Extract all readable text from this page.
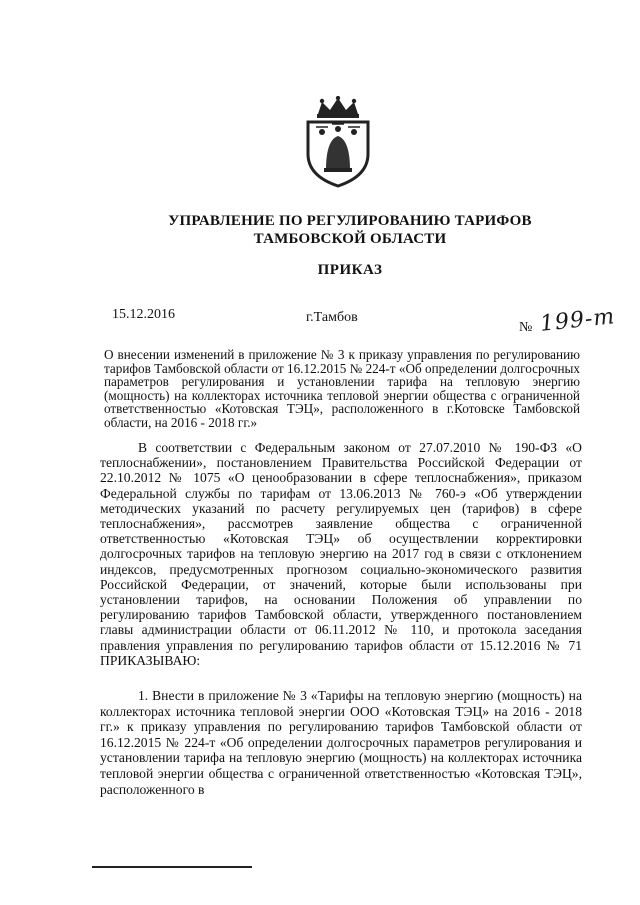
УПРАВЛЕНИЕ ПО РЕГУЛИРОВАНИЮ ТАРИФОВ
ТАМБОВСКОЙ ОБЛАСТИ
ПРИКАЗ
15.12.2016	г.Тамбов
№ 199-т
О внесении изменений в приложение № 3 к приказу управления по регулированию тарифов Тамбовской области от 16.12.2015 № 224-т «Об определении долгосрочных параметров регулирования и установлении тарифа на тепловую энергию (мощность) на коллекторах источника тепловой энергии общества с ограниченной ответственностью «Котовская ТЭЦ», расположенного в г.Котовске Тамбовской области, на 2016 - 2018 гг.»

В соответствии с Федеральным законом от 27.07.2010 № 190-ФЗ «О теплоснабжении», постановлением Правительства Российской Федерации от 22.10.2012 № 1075 «О ценообразовании в сфере теплоснабжения», приказом Федеральной службы по тарифам от 13.06.2013 № 760-э «Об утверждении методических указаний по расчету регулируемых цен (тарифов) в сфере теплоснабжения», рассмотрев заявление общества с ограниченной ответственностью «Котовская ТЭЦ» об осуществлении корректировки долгосрочных тарифов на тепловую энергию на 2017 год в связи с отклонением индексов, предусмотренных прогнозом социально-экономического развития Российской Федерации, от значений, которые были использованы при установлении тарифов, на основании Положения об управлении по регулированию тарифов Тамбовской области, утвержденного постановлением главы администрации области от 06.11.2012 № 110, и протокола заседания правления управления по регулированию тарифов области от 15.12.2016 № 71 ПРИКАЗЫВАЮ:

1. Внести в приложение № 3 «Тарифы на тепловую энергию (мощность) на коллекторах источника тепловой энергии ООО «Котовская ТЭЦ» на 2016 - 2018 гг.» к приказу управления по регулированию тарифов Тамбовской области от 16.12.2015 № 224-т «Об определении долгосрочных параметров регулирования и установлении тарифа на тепловую энергию (мощность) на коллекторах источника тепловой энергии общества с ограниченной ответственностью «Котовская ТЭЦ», расположенного в
